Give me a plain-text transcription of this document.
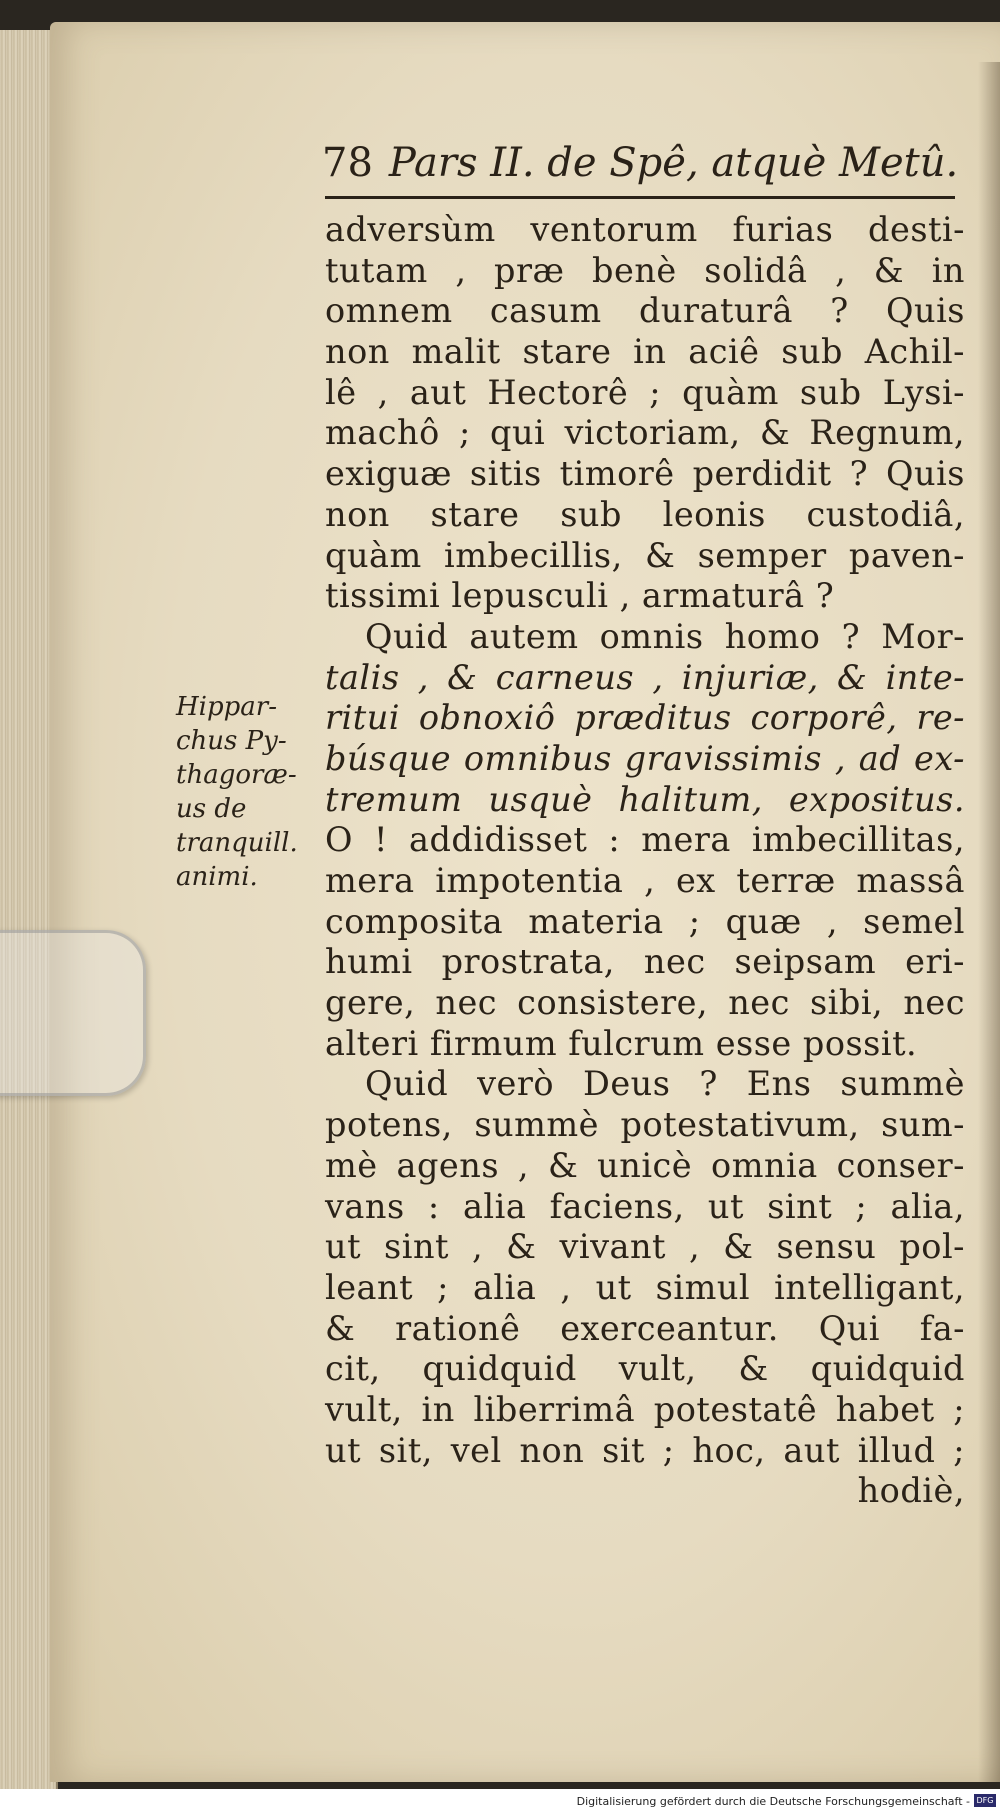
78 Pars II. de Spê, atquè Metû.
Hippar-
chus Py-
thagoræ-
us de
tranquill.
animi.
adversùm ventorum furias desti-
tutam , præ benè solidâ , & in
omnem casum duraturâ ? Quis
non malit stare in aciê sub Achil-
lê , aut Hectorê ; quàm sub Lysi-
machô ; qui victoriam, & Regnum,
exiguæ sitis timorê perdidit ? Quis
non stare sub leonis custodiâ,
quàm imbecillis, & semper paven-
tissimi lepusculi , armaturâ ?
Quid autem omnis homo ? Mor-
talis , & carneus , injuriæ, & inte-
ritui obnoxiô præditus corporê, re-
búsque omnibus gravissimis , ad ex-
tremum usquè halitum, expositus.
O ! addidisset : mera imbecillitas,
mera impotentia , ex terræ massâ
composita materia ; quæ , semel
humi prostrata, nec seipsam eri-
gere, nec consistere, nec sibi, nec
alteri firmum fulcrum esse possit.
Quid verò Deus ? Ens summè
potens, summè potestativum, sum-
mè agens , & unicè omnia conser-
vans : alia faciens, ut sint ; alia,
ut sint , & vivant , & sensu pol-
leant ; alia , ut simul intelligant,
& rationê exerceantur. Qui fa-
cit, quidquid vult, & quidquid
vult, in liberrimâ potestatê habet ;
ut sit, vel non sit ; hoc, aut illud ;
hodiè,
Digitalisierung gefördert durch die Deutsche Forschungsgemeinschaft - DFG
